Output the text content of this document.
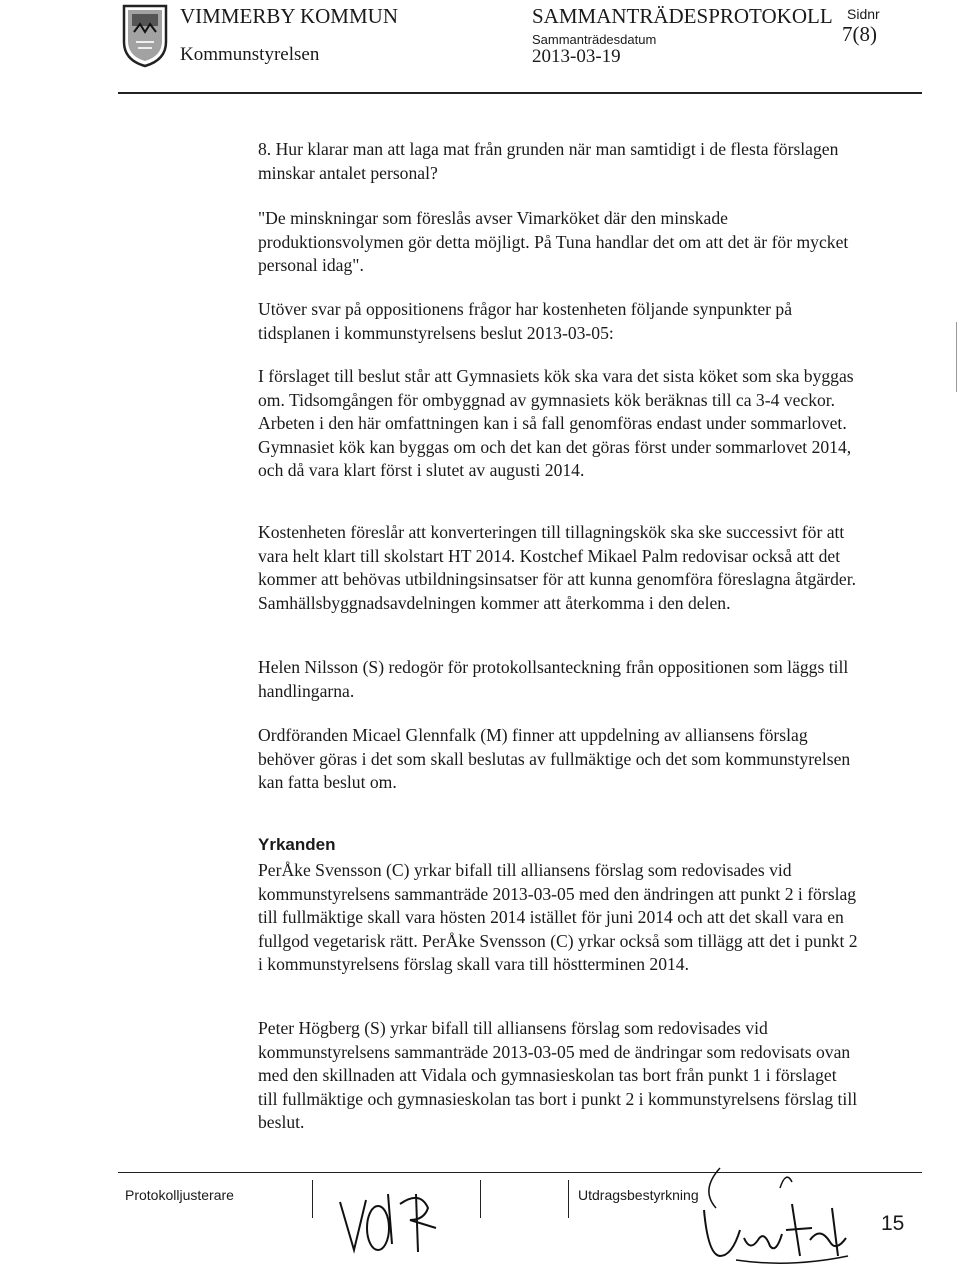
VIMMERBY KOMMUN
Kommunstyrelsen
SAMMANTRÄDESPROTOKOLL
Sammanträdesdatum
2013-03-19
Sidnr
7(8)

8. Hur klarar man att laga mat från grunden när man samtidigt i de flesta förslagen minskar antalet personal?

"De minskningar som föreslås avser Vimarköket där den minskade produktionsvolymen gör detta möjligt. På Tuna handlar det om att det är för mycket personal idag".

Utöver svar på oppositionens frågor har kostenheten följande synpunkter på tidsplanen i kommunstyrelsens beslut 2013-03-05:

I förslaget till beslut står att Gymnasiets kök ska vara det sista köket som ska byggas om. Tidsomgången för ombyggnad av gymnasiets kök beräknas till ca 3-4 veckor. Arbeten i den här omfattningen kan i så fall genomföras endast under sommarlovet. Gymnasiet kök kan byggas om och det kan det göras först under sommarlovet 2014, och då vara klart först i slutet av augusti 2014.

Kostenheten föreslår att konverteringen till tillagningskök ska ske successivt för att vara helt klart till skolstart HT 2014. Kostchef Mikael Palm redovisar också att det kommer att behövas utbildningsinsatser för att kunna genomföra föreslagna åtgärder. Samhällsbyggnadsavdelningen kommer att återkomma i den delen.

Helen Nilsson (S) redogör för protokollsanteckning från oppositionen som läggs till handlingarna.

Ordföranden Micael Glennfalk (M) finner att uppdelning av alliansens förslag behöver göras i det som skall beslutas av fullmäktige och det som kommunstyrelsen kan fatta beslut om.

Yrkanden

PerÅke Svensson (C) yrkar bifall till alliansens förslag som redovisades vid kommunstyrelsens sammanträde 2013-03-05 med den ändringen att punkt 2 i förslag till fullmäktige skall vara hösten 2014 istället för juni 2014 och att det skall vara en fullgod vegetarisk rätt. PerÅke Svensson (C) yrkar också som tillägg att det i punkt 2 i kommunstyrelsens förslag skall vara till höstterminen 2014.

Peter Högberg (S) yrkar bifall till alliansens förslag som redovisades vid kommunstyrelsens sammanträde 2013-03-05 med de ändringar som redovisats ovan med den skillnaden att Vidala och gymnasieskolan tas bort från punkt 1 i förslaget till fullmäktige och gymnasieskolan tas bort i punkt 2 i kommunstyrelsens förslag till beslut.

Protokolljusterare	Utdragsbestyrkning
15
